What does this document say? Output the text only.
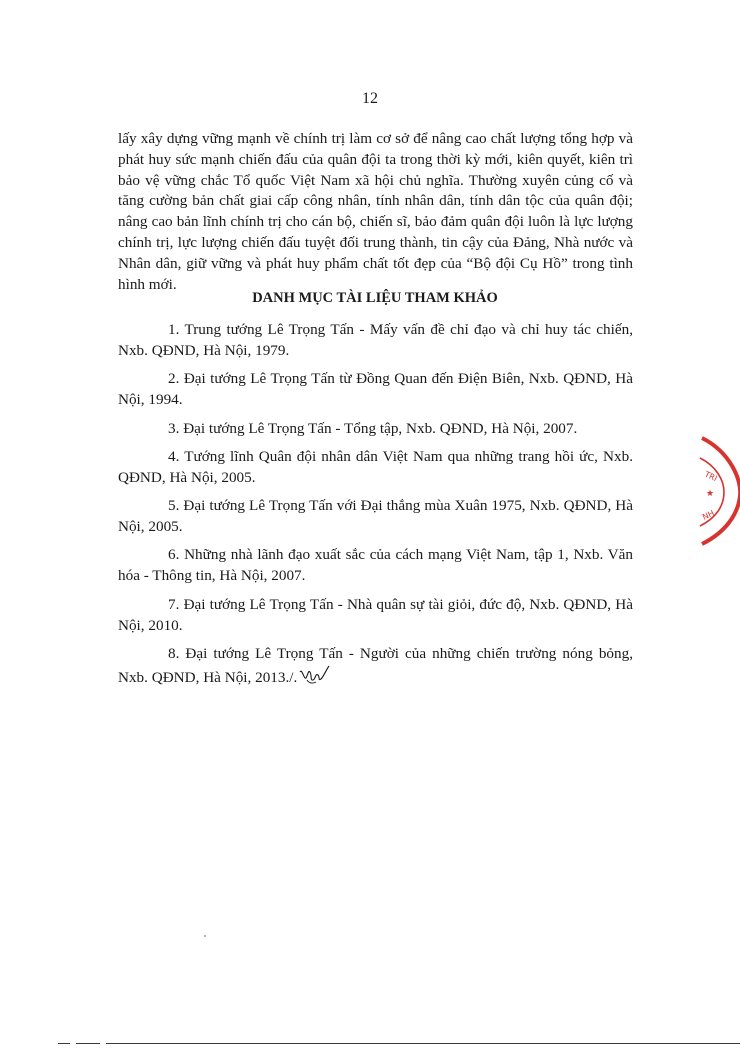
12

lấy xây dựng vững mạnh về chính trị làm cơ sở để nâng cao chất lượng tổng hợp và phát huy sức mạnh chiến đấu của quân đội ta trong thời kỳ mới, kiên quyết, kiên trì bảo vệ vững chắc Tổ quốc Việt Nam xã hội chủ nghĩa. Thường xuyên củng cố và tăng cường bản chất giai cấp công nhân, tính nhân dân, tính dân tộc của quân đội; nâng cao bản lĩnh chính trị cho cán bộ, chiến sĩ, bảo đảm quân đội luôn là lực lượng chính trị, lực lượng chiến đấu tuyệt đối trung thành, tin cậy của Đảng, Nhà nước và Nhân dân, giữ vững và phát huy phẩm chất tốt đẹp của “Bộ đội Cụ Hồ” trong tình hình mới.

DANH MỤC TÀI LIỆU THAM KHẢO
1. Trung tướng Lê Trọng Tấn - Mấy vấn đề chỉ đạo và chỉ huy tác chiến, Nxb. QĐND, Hà Nội, 1979.
2. Đại tướng Lê Trọng Tấn từ Đồng Quan đến Điện Biên, Nxb. QĐND, Hà Nội, 1994.
3. Đại tướng Lê Trọng Tấn - Tổng tập, Nxb. QĐND, Hà Nội, 2007.
4. Tướng lĩnh Quân đội nhân dân Việt Nam qua những trang hồi ức, Nxb. QĐND, Hà Nội, 2005.
5. Đại tướng Lê Trọng Tấn với Đại thắng mùa Xuân 1975, Nxb. QĐND, Hà Nội, 2005.
6. Những nhà lãnh đạo xuất sắc của cách mạng Việt Nam, tập 1, Nxb. Văn hóa - Thông tin, Hà Nội, 2007.
7. Đại tướng Lê Trọng Tấn - Nhà quân sự tài giỏi, đức độ, Nxb. QĐND, Hà Nội, 2010.
8. Đại tướng Lê Trọng Tấn - Người của những chiến trường nóng bỏng, Nxb. QĐND, Hà Nội, 2013./.
TRI
★
NH
